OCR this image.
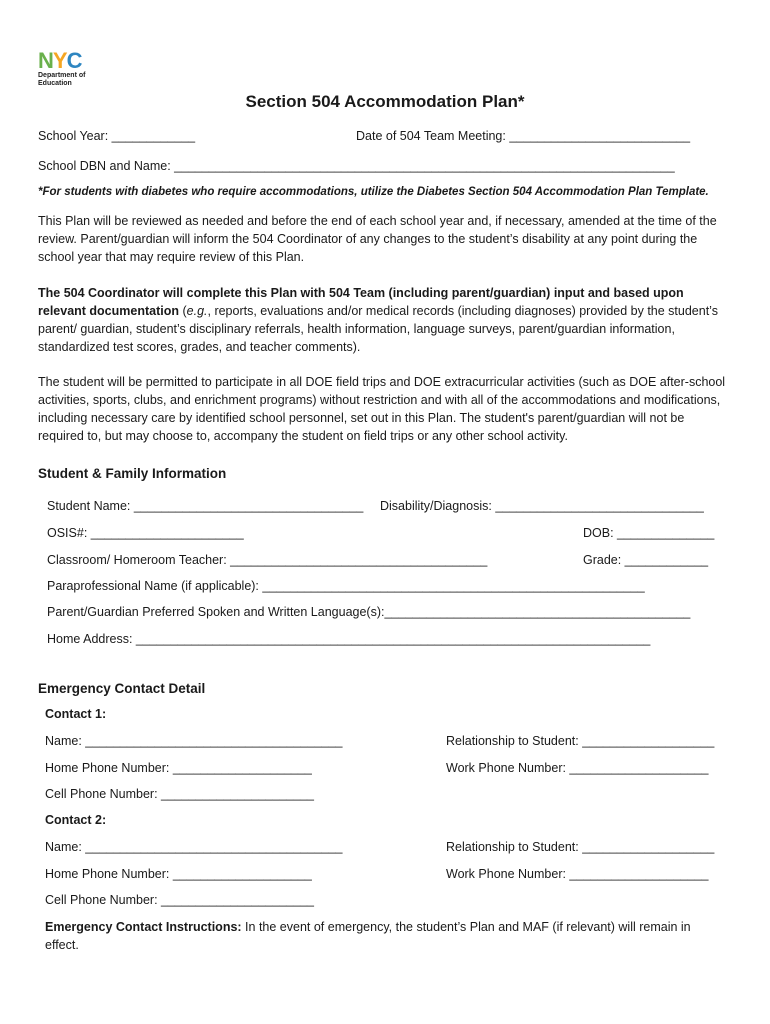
NYC
Department of
Education
Section 504 Accommodation Plan*
School Year: ____________	Date of 504 Team Meeting: __________________________
School DBN and Name: ________________________________________________________________________
*For students with diabetes who require accommodations, utilize the Diabetes Section 504 Accommodation Plan Template.
This Plan will be reviewed as needed and before the end of each school year and, if necessary, amended at the time of the review. Parent/guardian will inform the 504 Coordinator of any changes to the student’s disability at any point during the school year that may require review of this Plan.
The 504 Coordinator will complete this Plan with 504 Team (including parent/guardian) input and based upon relevant documentation (e.g., reports, evaluations and/or medical records (including diagnoses) provided by the student’s parent/ guardian, student’s disciplinary referrals, health information, language surveys, parent/guardian information, standardized test scores, grades, and teacher comments).
The student will be permitted to participate in all DOE field trips and DOE extracurricular activities (such as DOE after-school activities, sports, clubs, and enrichment programs) without restriction and with all of the accommodations and modifications, including necessary care by identified school personnel, set out in this Plan. The student's parent/guardian will not be required to, but may choose to, accompany the student on field trips or any other school activity.
Student & Family Information
Student Name: _________________________________ Disability/Diagnosis: ______________________________
OSIS#: ______________________	DOB: ______________
Classroom/ Homeroom Teacher: _____________________________________	Grade: ____________
Paraprofessional Name (if applicable): _______________________________________________________
Parent/Guardian Preferred Spoken and Written Language(s):____________________________________________
Home Address: __________________________________________________________________________
Emergency Contact Detail
Contact 1:
Name: _____________________________________	Relationship to Student: ___________________
Home Phone Number: ____________________	Work Phone Number: ____________________
Cell Phone Number: ______________________
Contact 2:
Name: _____________________________________	Relationship to Student: ___________________
Home Phone Number: ____________________	Work Phone Number: ____________________
Cell Phone Number: ______________________
Emergency Contact Instructions: In the event of emergency, the student’s Plan and MAF (if relevant) will remain in effect.
